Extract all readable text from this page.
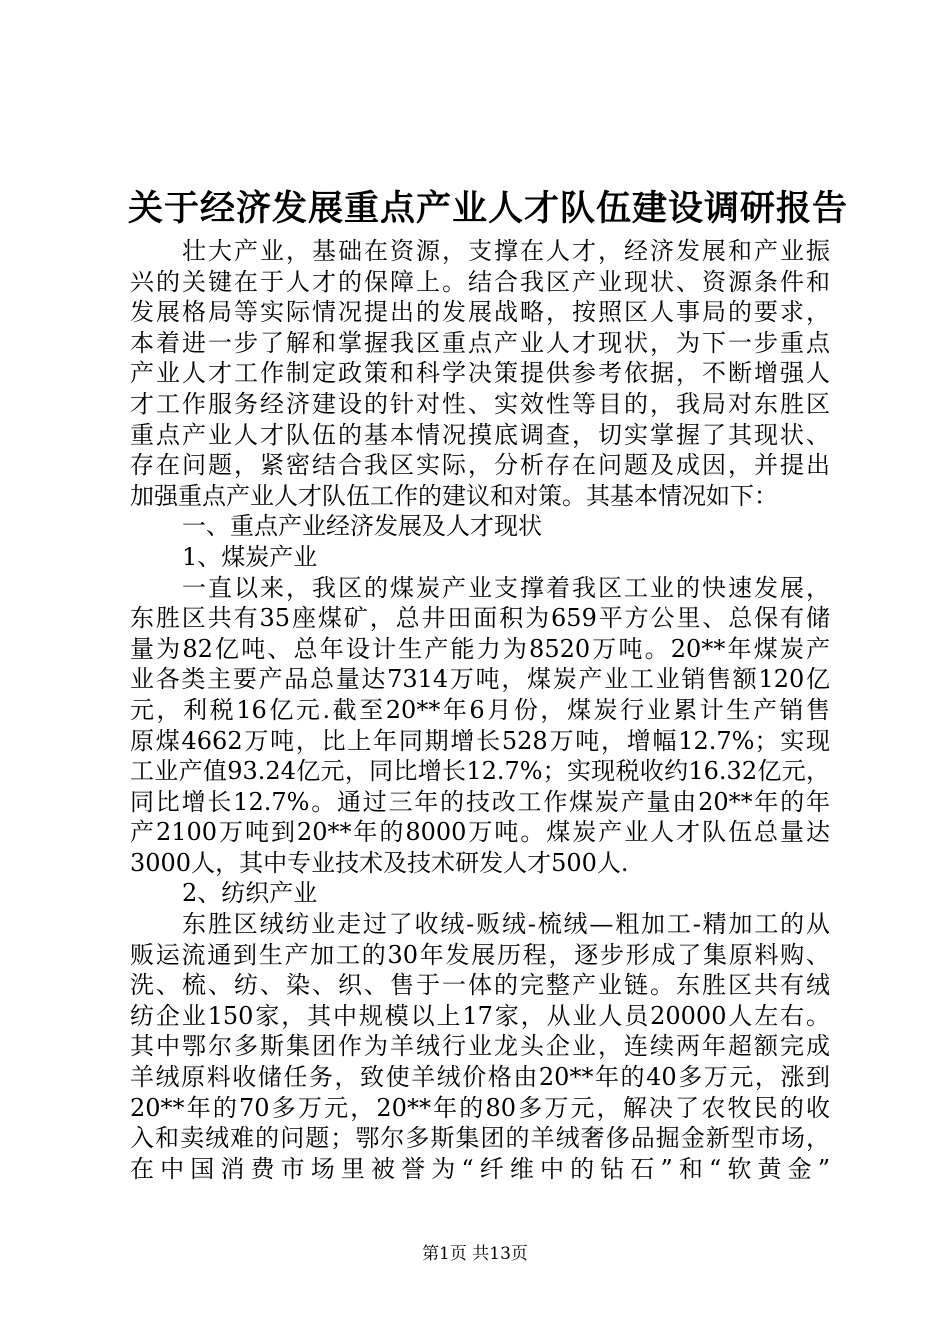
关于经济发展重点产业人才队伍建设调研报告
壮大产业，基础在资源，支撑在人才，经济发展和产业振
兴的关键在于人才的保障上。结合我区产业现状、资源条件和
发展格局等实际情况提出的发展战略，按照区人事局的要求，
本着进一步了解和掌握我区重点产业人才现状，为下一步重点
产业人才工作制定政策和科学决策提供参考依据，不断增强人
才工作服务经济建设的针对性、实效性等目的，我局对东胜区
重点产业人才队伍的基本情况摸底调查，切实掌握了其现状、
存在问题，紧密结合我区实际，分析存在问题及成因，并提出
加强重点产业人才队伍工作的建议和对策。其基本情况如下：
一、重点产业经济发展及人才现状
1、煤炭产业
一直以来，我区的煤炭产业支撑着我区工业的快速发展，
东胜区共有35座煤矿，总井田面积为659平方公里、总保有储
量为82亿吨、总年设计生产能力为8520万吨。20**年煤炭产
业各类主要产品总量达7314万吨，煤炭产业工业销售额120亿
元，利税16亿元.截至20**年6月份，煤炭行业累计生产销售
原煤4662万吨，比上年同期增长528万吨，增幅12.7%；实现
工业产值93.24亿元，同比增长12.7%；实现税收约16.32亿元，
同比增长12.7%。通过三年的技改工作煤炭产量由20**年的年
产2100万吨到20**年的8000万吨。煤炭产业人才队伍总量达
3000人，其中专业技术及技术研发人才500人.
2、纺织产业
东胜区绒纺业走过了收绒-贩绒-梳绒—粗加工-精加工的从
贩运流通到生产加工的30年发展历程，逐步形成了集原料购、
洗、梳、纺、染、织、售于一体的完整产业链。东胜区共有绒
纺企业150家，其中规模以上17家，从业人员20000人左右。
其中鄂尔多斯集团作为羊绒行业龙头企业，连续两年超额完成
羊绒原料收储任务，致使羊绒价格由20**年的40多万元，涨到
20**年的70多万元，20**年的80多万元，解决了农牧民的收
入和卖绒难的问题；鄂尔多斯集团的羊绒奢侈品掘金新型市场，
在中国消费市场里被誉为“纤维中的钻石”和“软黄金”
第1页 共13页
